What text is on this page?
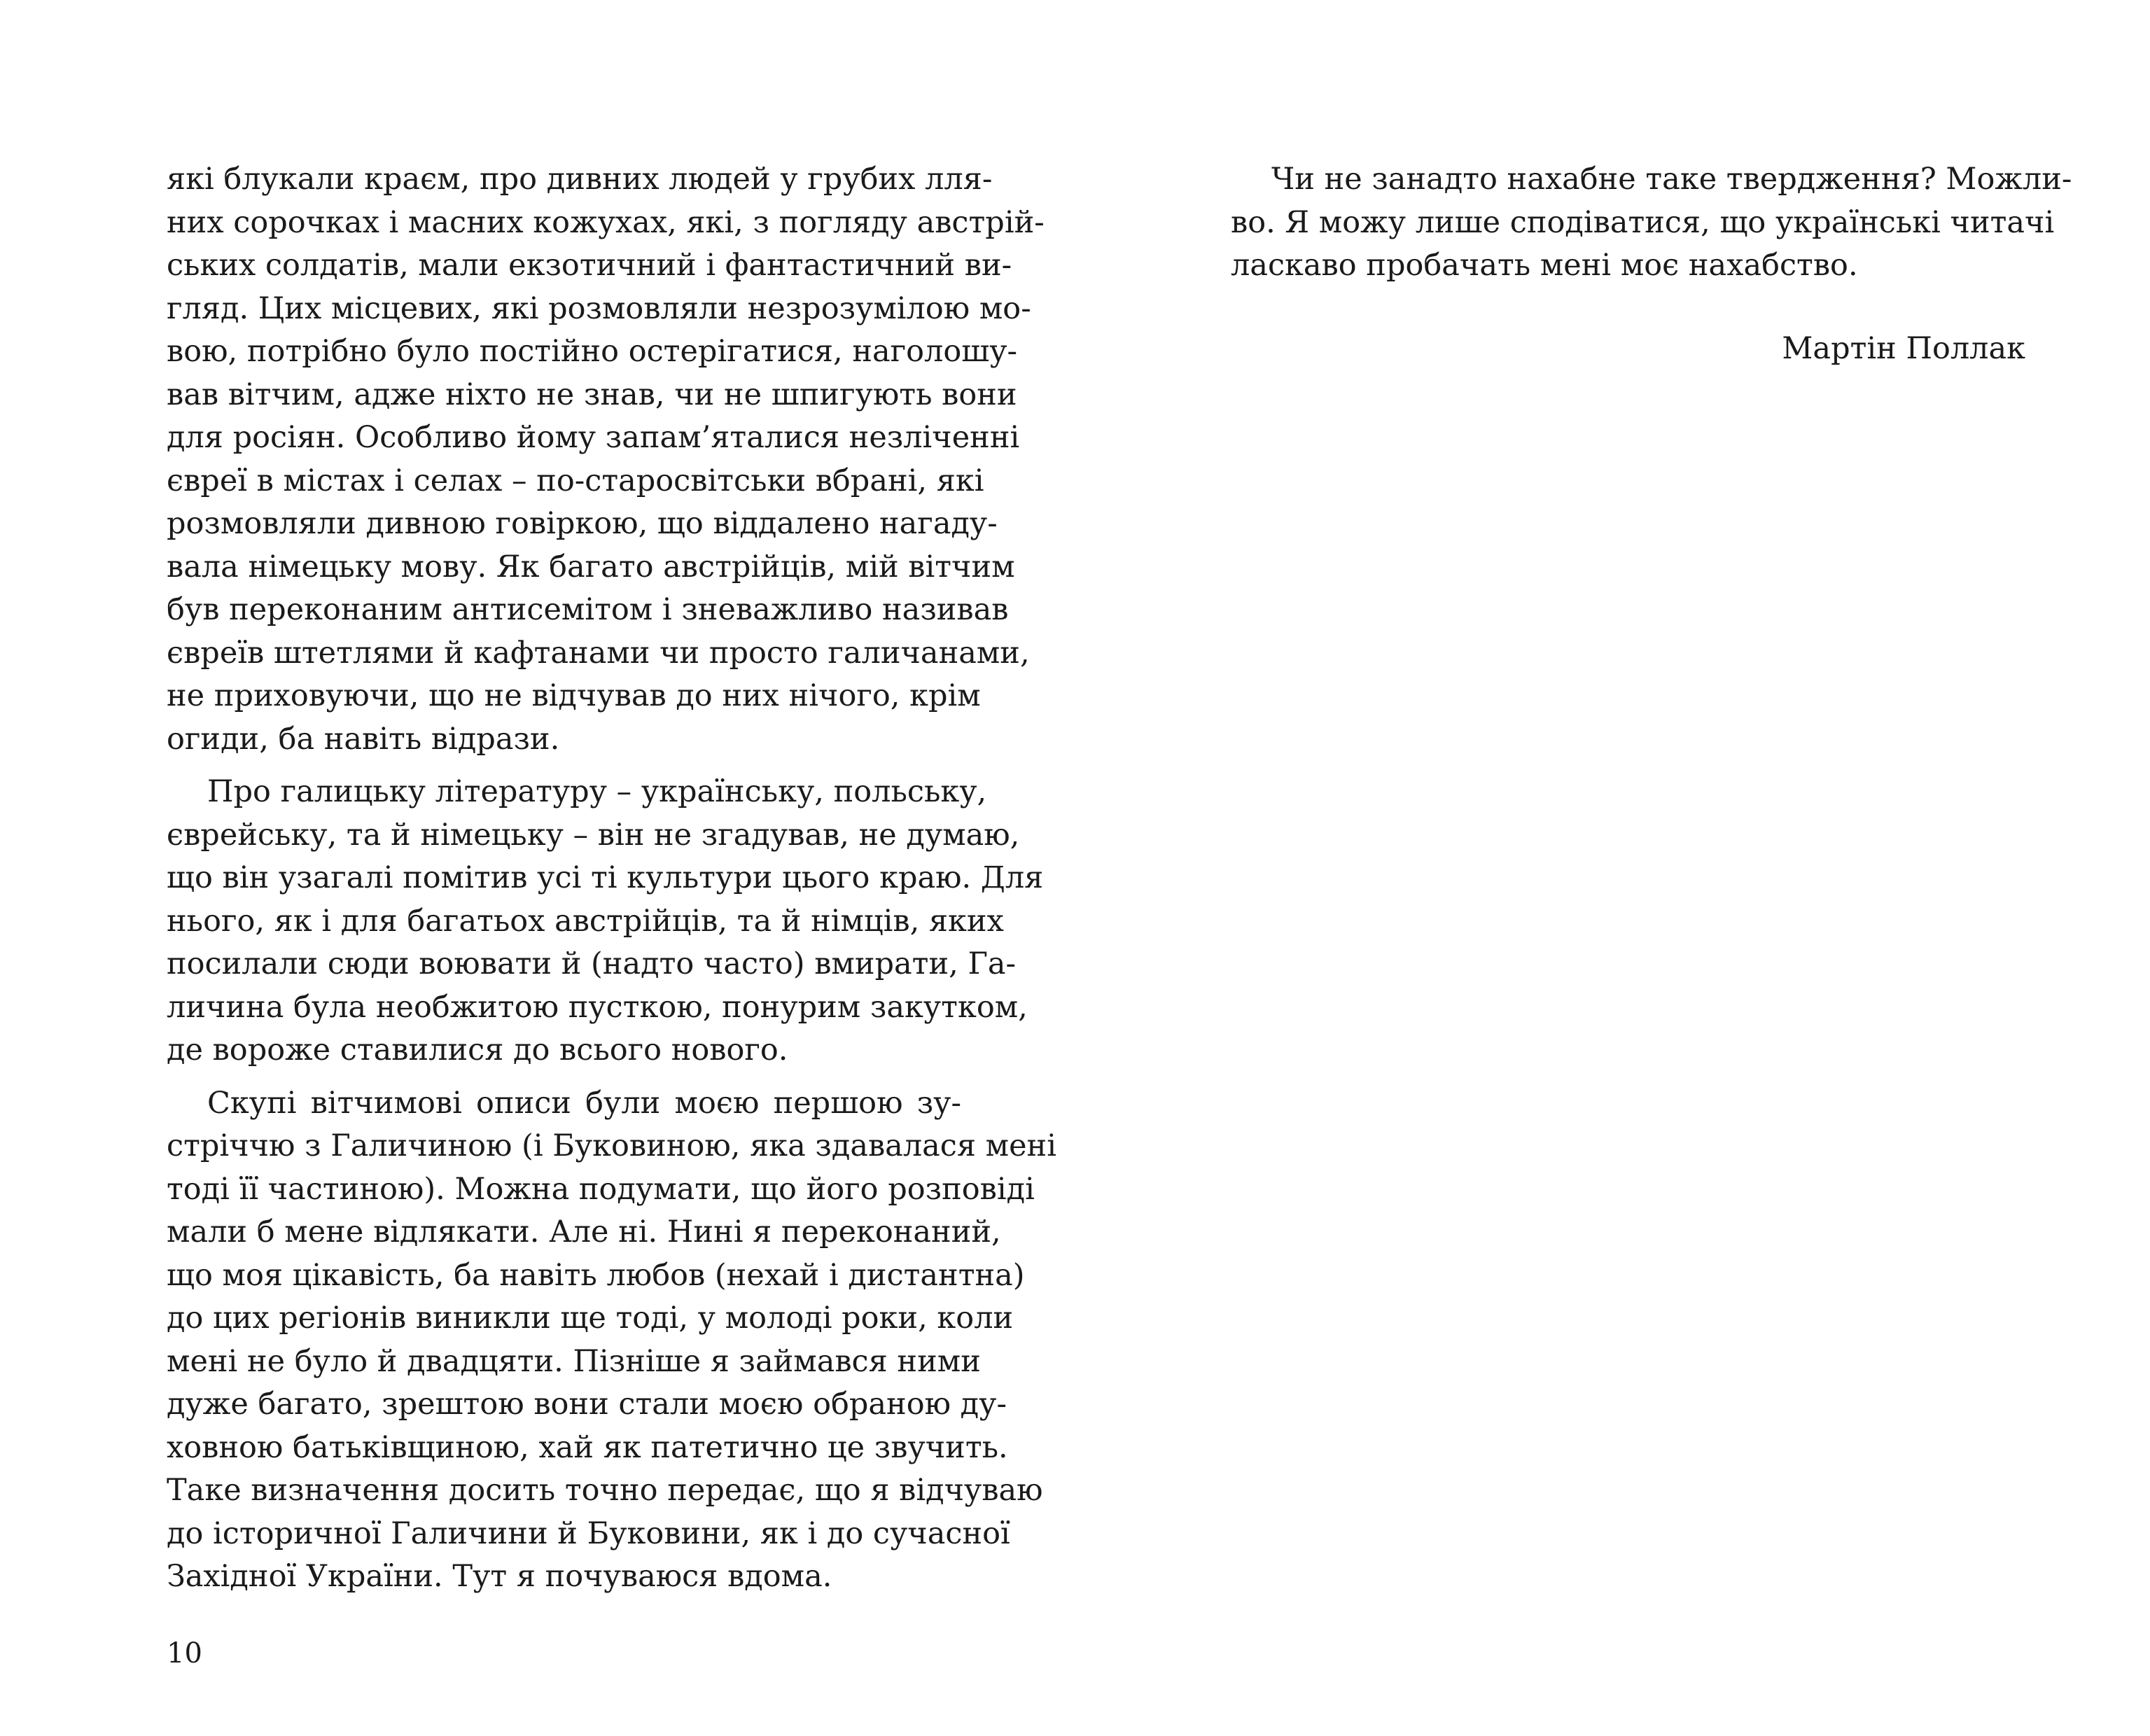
які блукали краєм, про дивних людей у грубих лля-
них сорочках і масних кожухах, які, з погляду австрій-
ських солдатів, мали екзотичний і фантастичний ви-
гляд. Цих місцевих, які розмовляли незрозумілою мо-
вою, потрібно було постійно остерігатися, наголошу-
вав вітчим, адже ніхто не знав, чи не шпигують вони
для росіян. Особливо йому запам’яталися незліченні
євреї в містах і селах – по-старосвітськи вбрані, які
розмовляли дивною говіркою, що віддалено нагаду-
вала німецьку мову. Як багато австрійців, мій вітчим
був переконаним антисемітом і зневажливо називав
євреїв штетлями й кафтанами чи просто галичанами,
не приховуючи, що не відчував до них нічого, крім
огиди, ба навіть відрази.
Про галицьку літературу – українську, польську,
єврейську, та й німецьку – він не згадував, не думаю,
що він узагалі помітив усі ті культури цього краю. Для
нього, як і для багатьох австрійців, та й німців, яких
посилали сюди воювати й (надто часто) вмирати, Га-
личина була необжитою пусткою, понурим закутком,
де вороже ставилися до всього нового.
Скупі вітчимові описи були моєю першою зу-
стріччю з Галичиною (і Буковиною, яка здавалася мені
тоді її частиною). Можна подумати, що його розповіді
мали б мене відлякати. Але ні. Нині я переконаний,
що моя цікавість, ба навіть любов (нехай і дистантна)
до цих регіонів виникли ще тоді, у молоді роки, коли
мені не було й двадцяти. Пізніше я займався ними
дуже багато, зрештою вони стали моєю обраною ду-
ховною батьківщиною, хай як патетично це звучить.
Таке визначення досить точно передає, що я відчуваю
до історичної Галичини й Буковини, як і до сучасної
Західної України. Тут я почуваюся вдома.
10
Чи не занадто нахабне таке твердження? Можли-
во. Я можу лише сподіватися, що українські читачі
ласкаво пробачать мені моє нахабство.
Мартін Поллак
